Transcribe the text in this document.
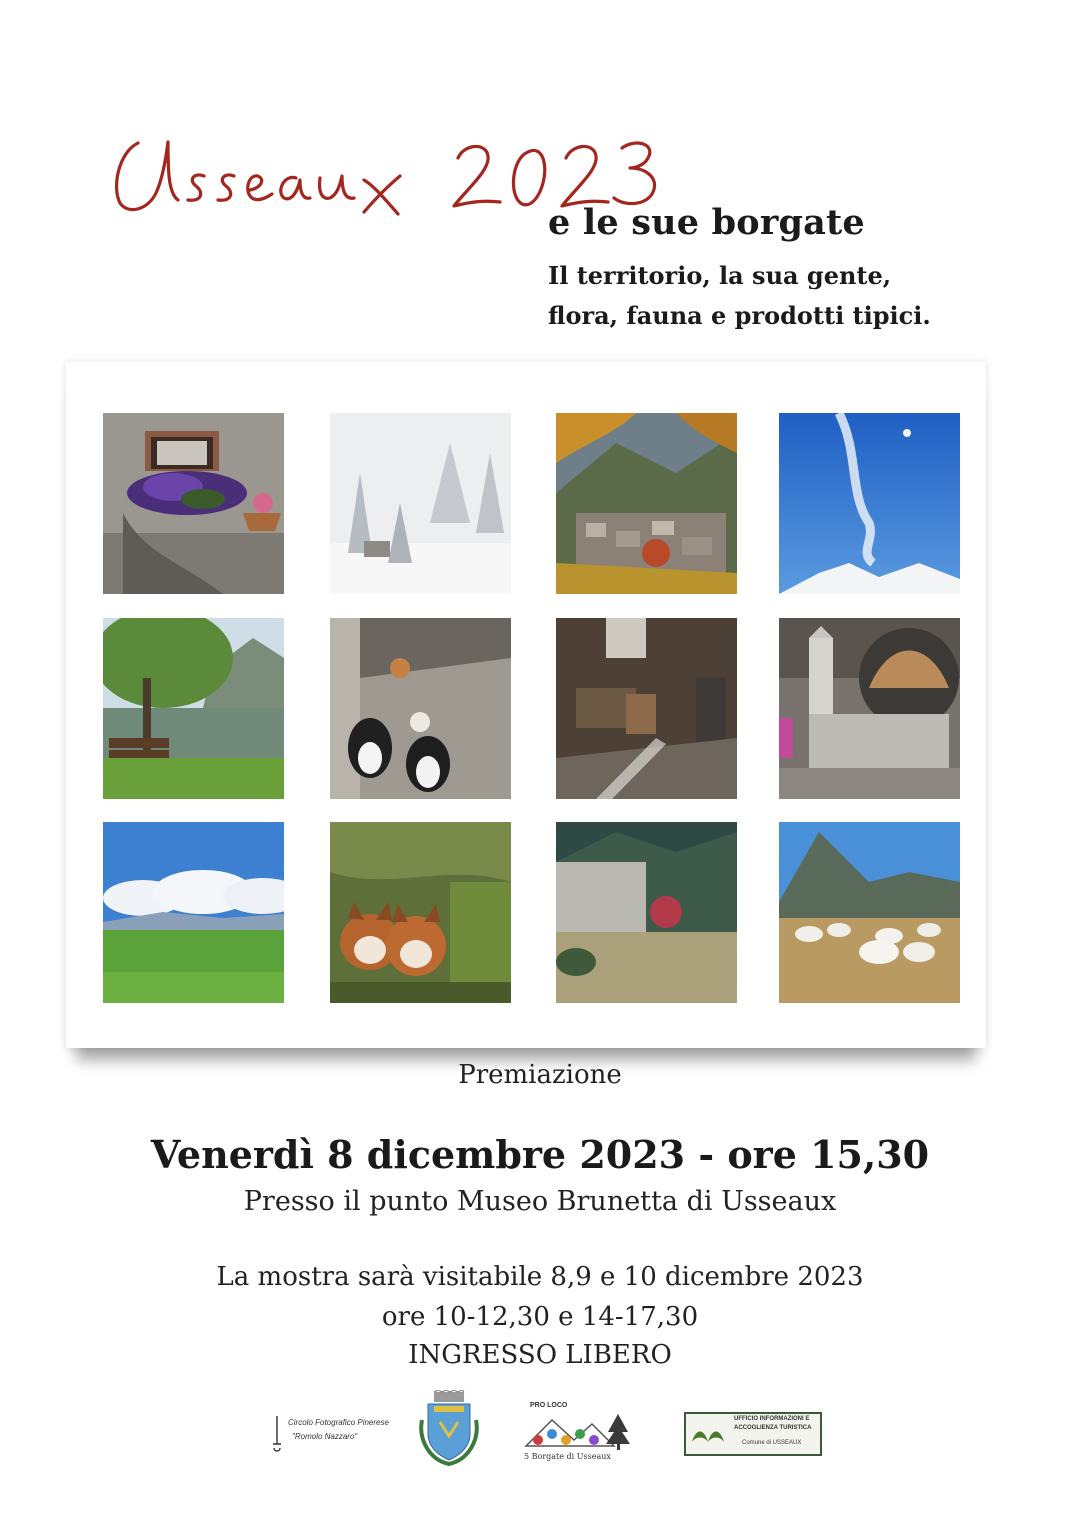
e le sue borgate
Il territorio, la sua gente,
flora, fauna e prodotti tipici.
Premiazione
Venerdì 8 dicembre 2023 - ore 15,30
Presso il punto Museo Brunetta di Usseaux
La mostra sarà visitabile 8,9 e 10 dicembre 2023
ore 10-12,30 e 14-17,30
INGRESSO LIBERO
Circolo Fotografico Pinerese
"Romolo Nazzaro"
PRO LOCO
5 Borgate di Usseaux
UFFICIO INFORMAZIONI E
ACCOGLIENZA TURISTICA
Comune di USSEAUX
